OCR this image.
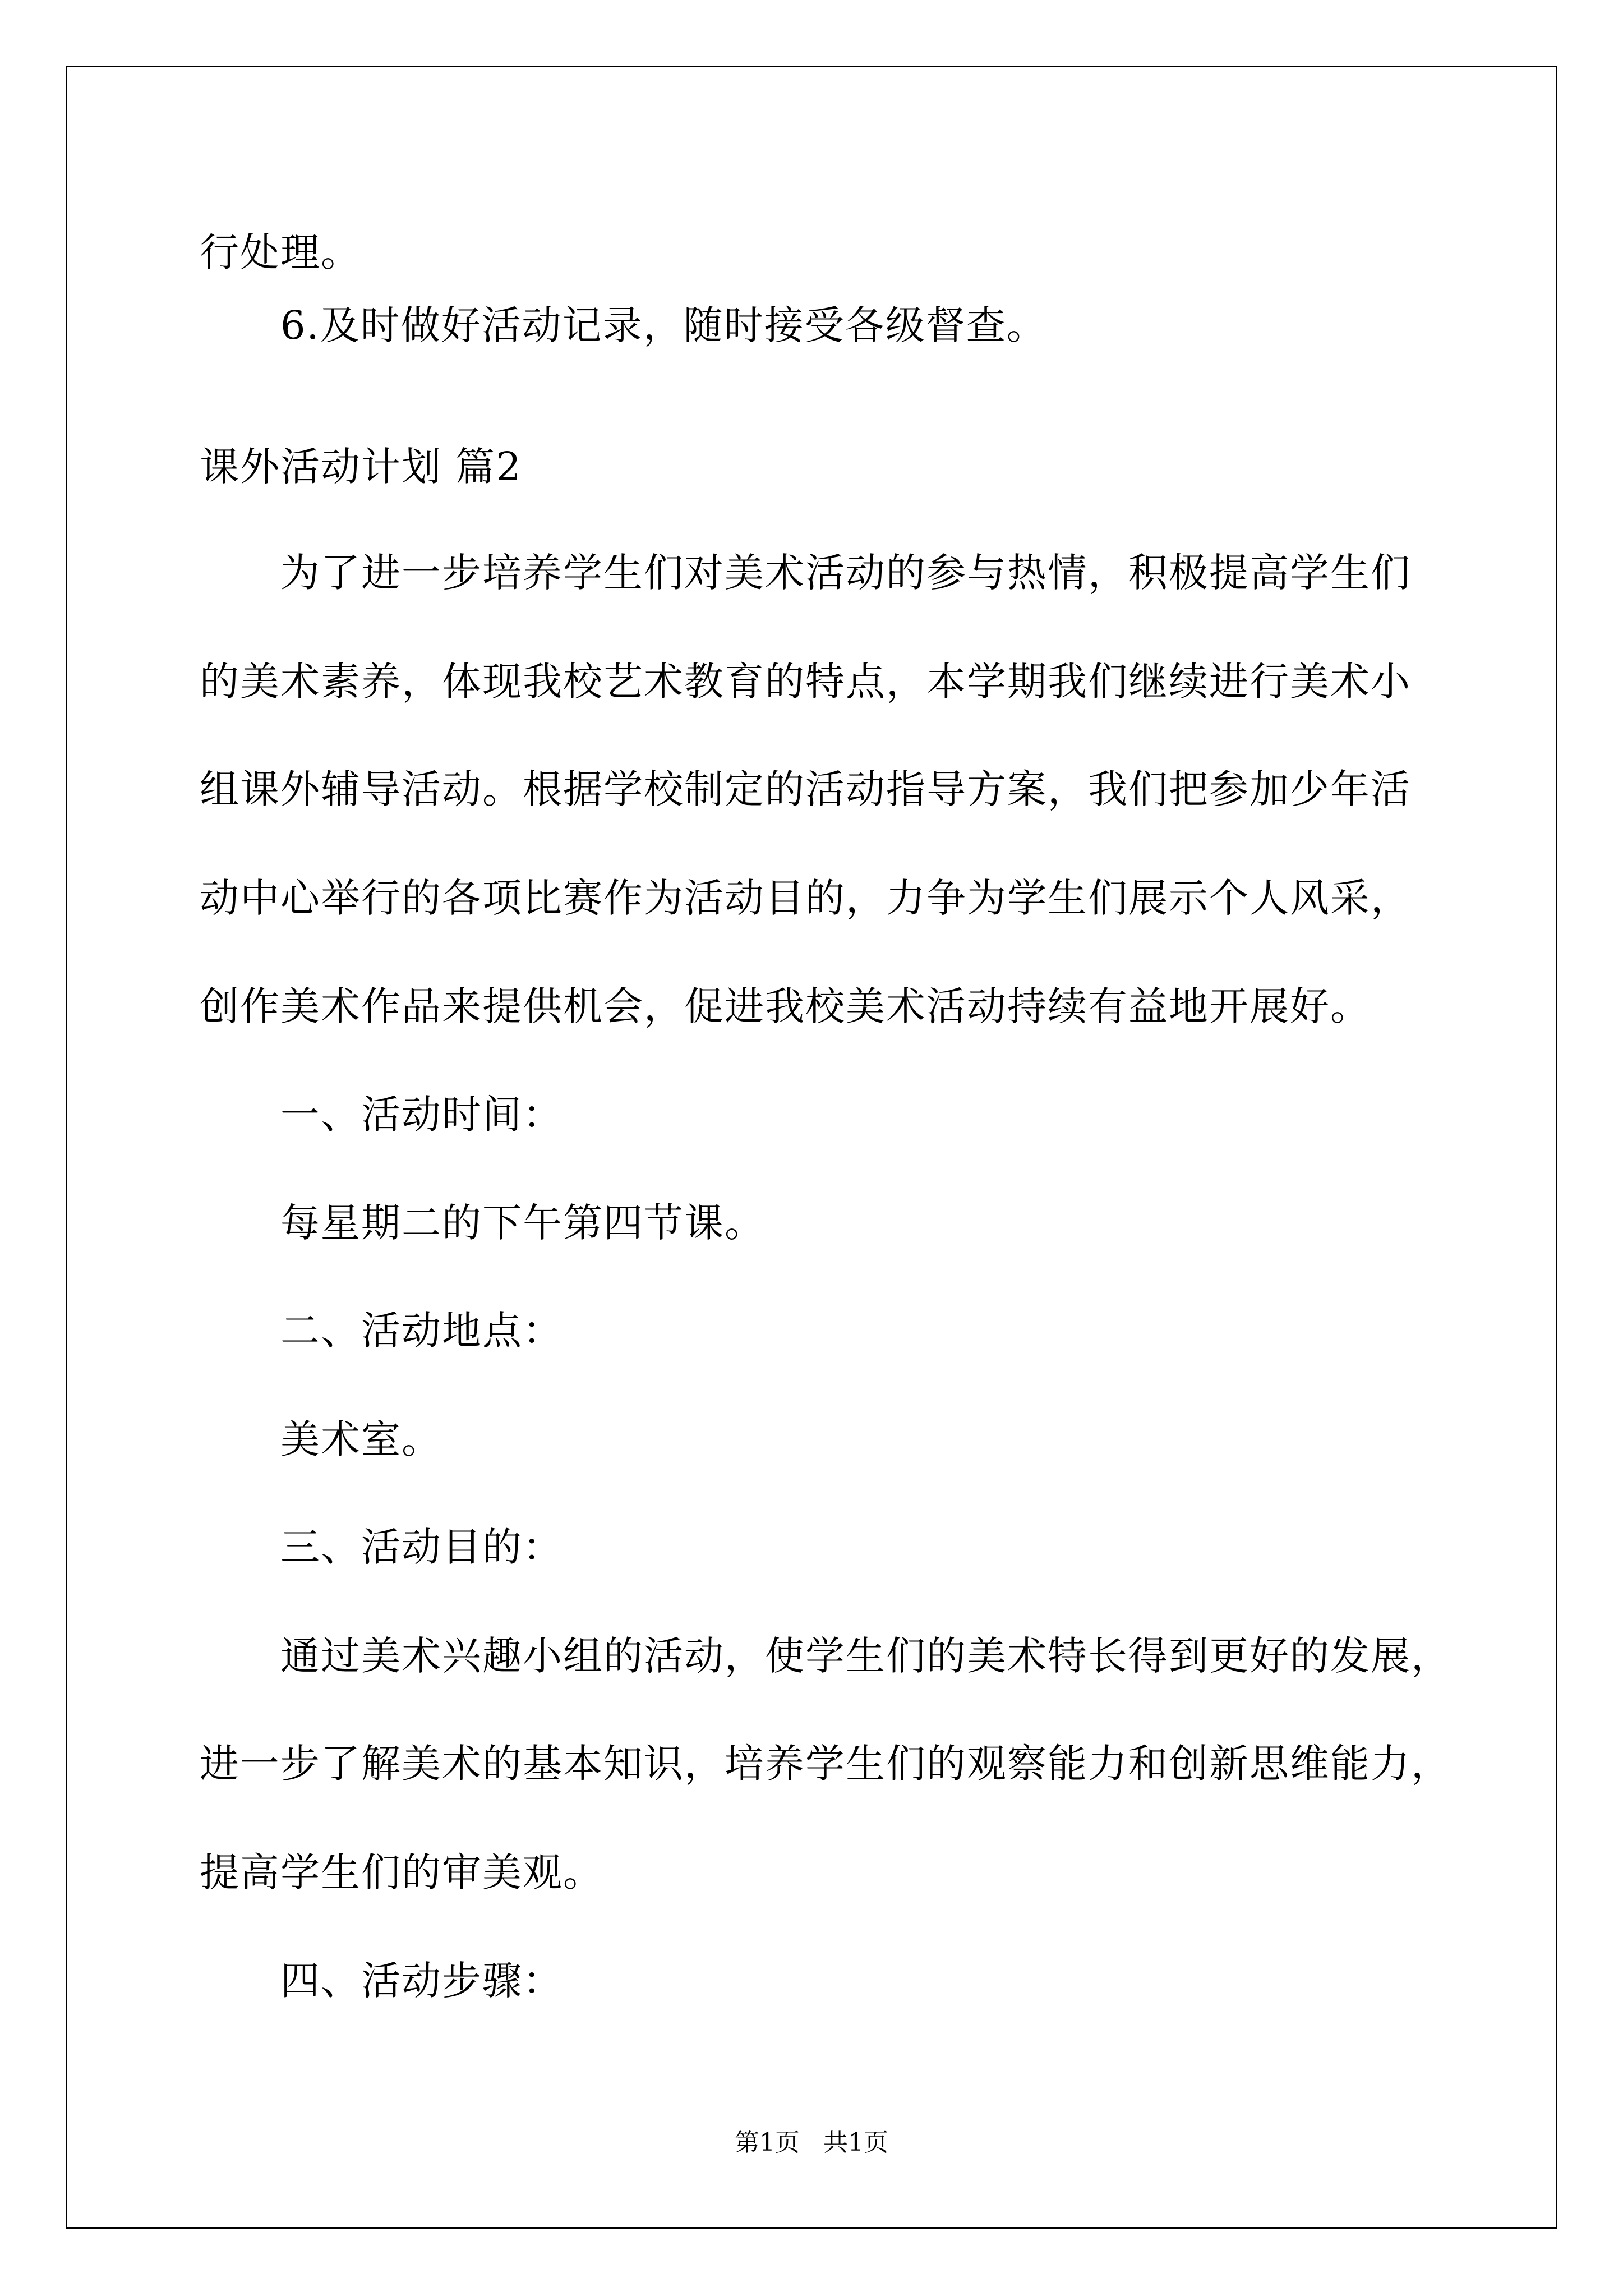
行处理。
6.及时做好活动记录，随时接受各级督查。
课外活动计划 篇2
为了进一步培养学生们对美术活动的参与热情，积极提高学生们
的美术素养，体现我校艺术教育的特点，本学期我们继续进行美术小
组课外辅导活动。根据学校制定的活动指导方案，我们把参加少年活
动中心举行的各项比赛作为活动目的，力争为学生们展示个人风采，
创作美术作品来提供机会，促进我校美术活动持续有益地开展好。
一、活动时间：
每星期二的下午第四节课。
二、活动地点：
美术室。
三、活动目的：
通过美术兴趣小组的活动，使学生们的美术特长得到更好的发展，
进一步了解美术的基本知识，培养学生们的观察能力和创新思维能力，
提高学生们的审美观。
四、活动步骤：
第1页   共1页
